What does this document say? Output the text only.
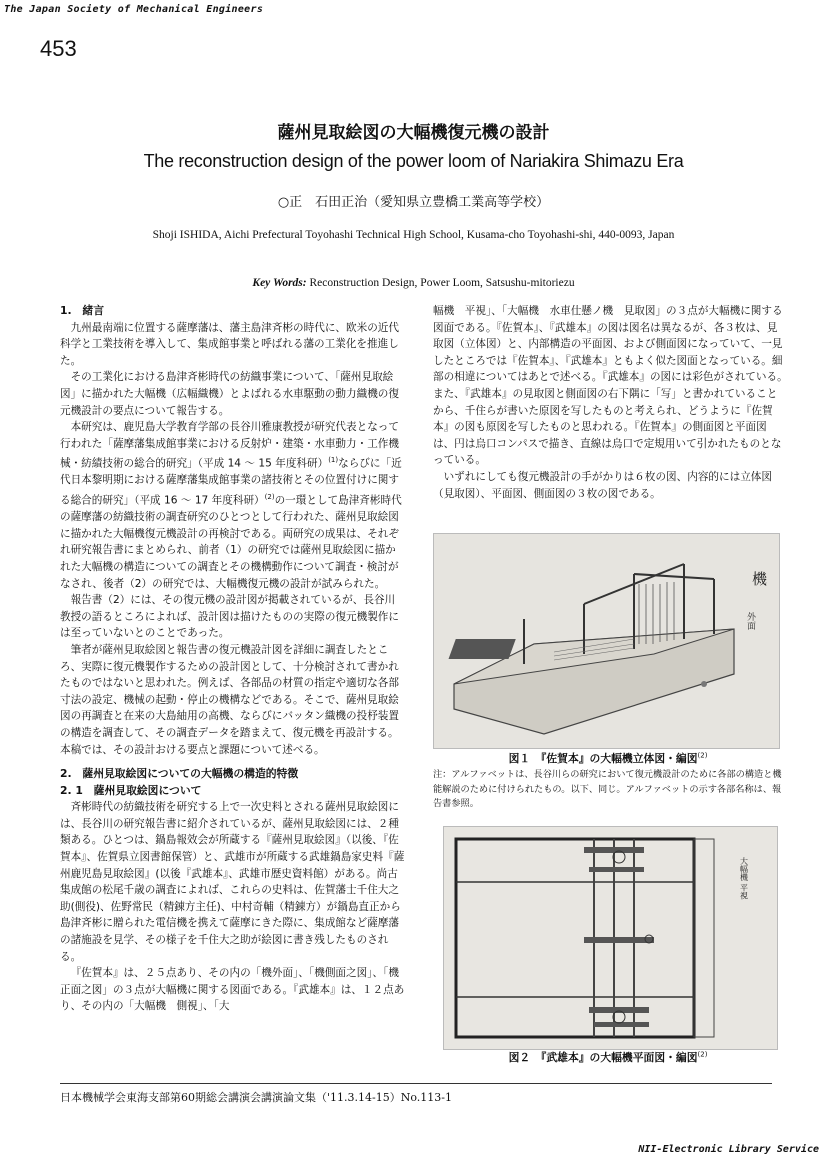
The Japan Society of Mechanical Engineers
453
薩州見取絵図の大幅機復元機の設計
The reconstruction design of the power loom of Nariakira Shimazu Era
○正　石田正治（愛知県立豊橋工業高等学校）
Shoji ISHIDA, Aichi Prefectural Toyohashi Technical High School, Kusama-cho Toyohashi-shi, 440-0093, Japan
Key Words: Reconstruction Design, Power Loom, Satsushu-mitoriezu
1.　緒言

九州最南端に位置する薩摩藩は、藩主島津斉彬の時代に、欧米の近代科学と工業技術を導入して、集成館事業と呼ばれる藩の工業化を推進した。

その工業化における島津斉彬時代の紡織事業について、「薩州見取絵図」に描かれた大幅機（広幅織機）とよばれる水車駆動の動力織機の復元機設計の要点について報告する。

本研究は、鹿児島大学教育学部の長谷川雅康教授が研究代表となって行われた「薩摩藩集成館事業における反射炉・建築・水車動力・工作機械・紡績技術の総合的研究」（平成 14 〜 15 年度科研）$^{(1)}$ならびに「近代日本黎明期における薩摩藩集成館事業の諸技術とその位置付けに関する総合的研究」（平成 16 〜 17 年度科研）$^{(2)}$の一環として島津斉彬時代の薩摩藩の紡織技術の調査研究のひとつとして行われた、薩州見取絵図に描かれた大幅機復元機設計の再検討である。両研究の成果は、それぞれ研究報告書にまとめられ、前者（1）の研究では薩州見取絵図に描かれた大幅機の構造についての調査とその機構動作について調査・検討がなされ、後者（2）の研究では、大幅機復元機の設計が試みられた。

報告書（2）には、その復元機の設計図が掲載されているが、長谷川教授の語るところによれば、設計図は描けたものの実際の復元機製作には至っていないとのことであった。

筆者が薩州見取絵図と報告書の復元機設計図を詳細に調査したところ、実際に復元機製作するための設計図として、十分検討されて書かれたものではないと思われた。例えば、各部品の材質の指定や適切な各部寸法の設定、機械の起動・停止の機構などである。そこで、薩州見取絵図の再調査と在来の大島紬用の高機、ならびにバッタン織機の投杼装置の構造を調査して、その調査データを踏まえて、復元機を再設計する。本稿では、その設計おける要点と課題について述べる。

2.　薩州見取絵図についての大幅機の構造的特徴
2. 1　薩州見取絵図について

斉彬時代の紡織技術を研究する上で一次史料とされる薩州見取絵図には、長谷川の研究報告書に紹介されているが、薩州見取絵図には、２種類ある。ひとつは、鍋島報效会が所蔵する『薩州見取絵図』（以後、『佐賀本』、佐賀県立図書館保管）と、武雄市が所蔵する武雄鍋島家史料『薩州鹿児島見取絵図』(以後『武雄本』、武雄市歴史資料館）がある。尚古集成館の松尾千歳の調査によれば、これらの史料は、佐賀藩士千住大之助(側役)、佐野常民（精錬方主任)、中村奇輔（精錬方）が鍋島直正から島津斉彬に贈られた電信機を携えて薩摩にきた際に、集成館など薩摩藩の諸施設を見学、その様子を千住大之助が絵図に書き残したものされる。

『佐賀本』は、２５点あり、その内の「機外面」、「機側面之図」、「機正面之図」の３点が大幅機に関する図面である。『武雄本』は、１２点あり、その内の「大幅機　側視」、「大

幅機　平視」、「大幅機　水車仕懸ノ機　見取図」の３点が大幅機に関する図面である。『佐賀本』、『武雄本』の図は図名は異なるが、各３枚は、見取図（立体図）と、内部構造の平面図、および側面図になっていて、一見したところでは『佐賀本』、『武雄本』ともよく似た図面となっている。細部の相違についてはあとで述べる。『武雄本』の図には彩色がされている。　また、『武雄本』の見取図と側面図の右下隅に「写」と書かれていることから、千住らが書いた原図を写したものと考えられ、どうように『佐賀本』の図も原図を写したものと思われる。『佐賀本』の側面図と平面図は、円は烏口コンパスで描き、直線は烏口で定規用いて引かれたものとなっている。

いずれにしても復元機設計の手がかりは６枚の図、内容的には立体図（見取図）、平面図、側面図の３枚の図である。

機
外面
図１　『佐賀本』の大幅機立体図・編図$^{(2)}$
注：アルファベットは、長谷川らの研究において復元機設計のために各部の構造と機能解説のために付けられたもの。以下、同じ。アルファベットの示す各部名称は、報告書参照。
大幅機 平視
図２　『武雄本』の大幅機平面図・編図$^{(2)}$
日本機械学会東海支部第60期総会講演会講演論文集（'11.3.14-15）No.113-1
NII-Electronic Library Service
